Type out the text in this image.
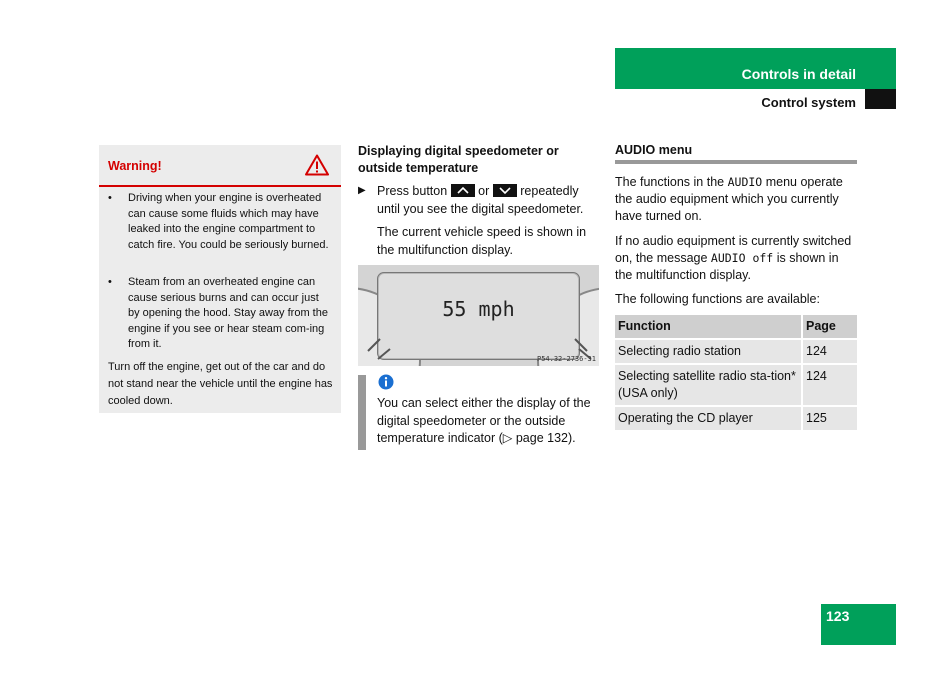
Controls in detail
Control system
Warning!
• Driving when your engine is overheated can cause some fluids which may have leaked into the engine compartment to catch fire. You could be seriously burned.
• Steam from an overheated engine can cause serious burns and can occur just by opening the hood. Stay away from the engine if you see or hear steam com-ing from it.
Turn off the engine, get out of the car and do not stand near the vehicle until the engine has cooled down.
Displaying digital speedometer or outside temperature
▶ Press button or repeatedly until you see the digital speedometer.
The current vehicle speed is shown in the multifunction display.
55 mph
P54.32-2736-31
You can select either the display of the digital speedometer or the outside temperature indicator (▷ page 132).
AUDIO menu
The functions in the AUDIO menu operate the audio equipment which you currently have turned on.
If no audio equipment is currently switched on, the message AUDIO off is shown in the multifunction display.
The following functions are available:
Function	Page
Selecting radio station	124
Selecting satellite radio sta-tion* (USA only)	124
Operating the CD player	125
123
